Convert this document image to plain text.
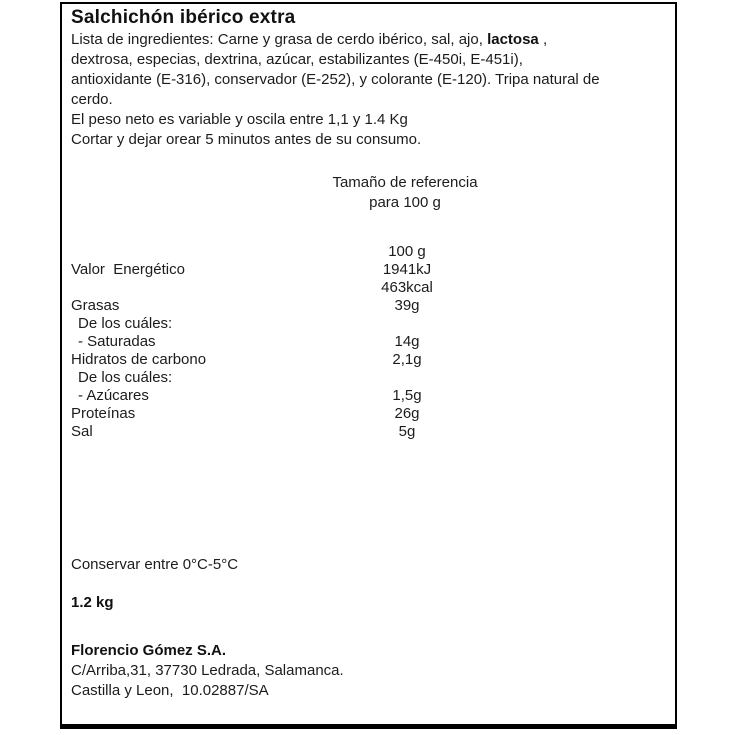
Salchichón ibérico extra
Lista de ingredientes: Carne y grasa de cerdo ibérico, sal, ajo, lactosa ,
dextrosa, especias, dextrina, azúcar, estabilizantes (E-450i, E-451i),
antioxidante (E-316), conservador (E-252), y colorante (E-120). Tripa natural de
cerdo.
El peso neto es variable y oscila entre 1,1 y 1.4 Kg
Cortar y dejar orear 5 minutos antes de su consumo.
Tamaño de referencia
para 100 g
100 g
Valor  Energético	1941kJ
463kcal
Grasas	39g
De los cuáles:
- Saturadas	14g
Hidratos de carbono	2,1g
De los cuáles:
- Azúcares	1,5g
Proteínas	26g
Sal	5g
Conservar entre 0°C-5°C
1.2 kg
Florencio Gómez S.A.
C/Arriba,31, 37730 Ledrada, Salamanca.
Castilla y Leon,  10.02887/SA
